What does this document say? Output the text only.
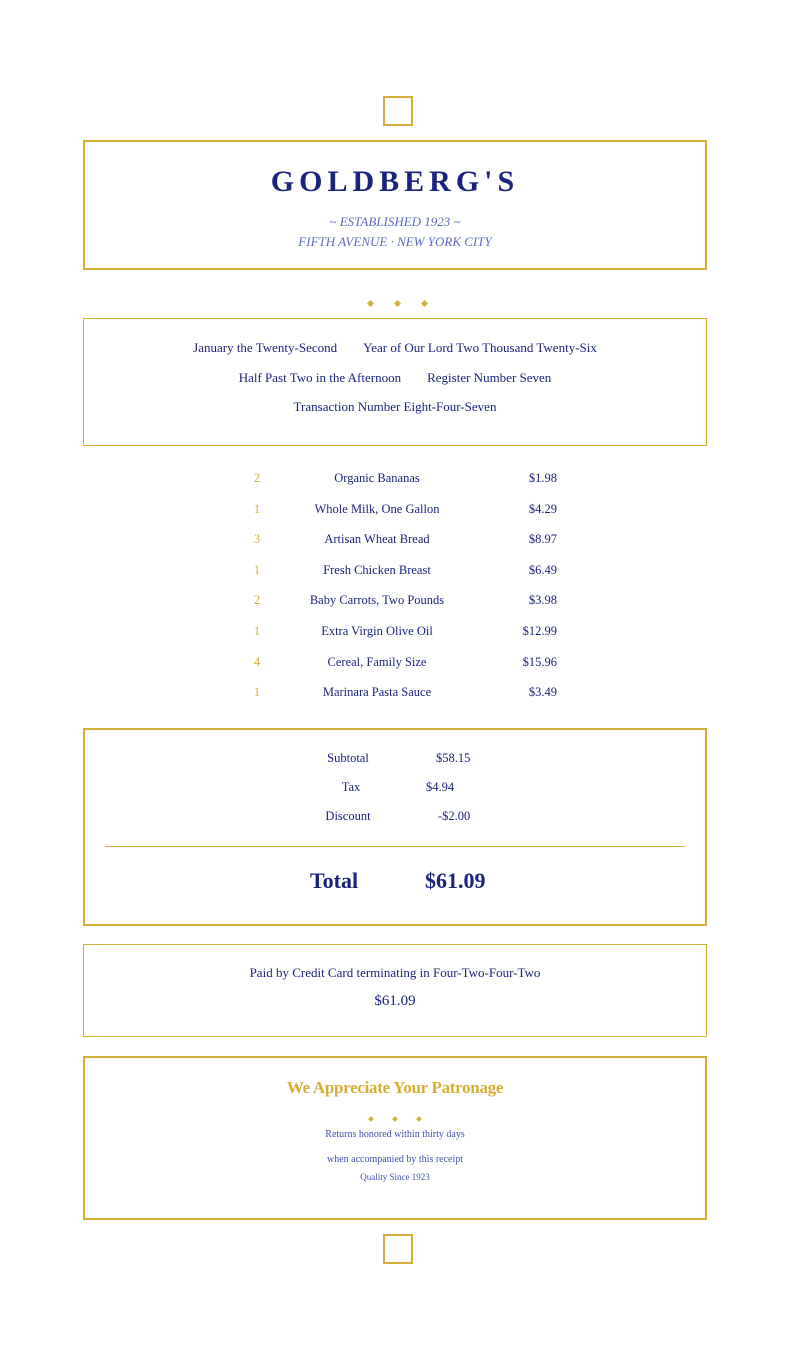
GOLDBERG'S
~ ESTABLISHED 1923 ~
FIFTH AVENUE · NEW YORK CITY
January the Twenty-Second Year of Our Lord Two Thousand Twenty-Six
Half Past Two in the Afternoon Register Number Seven
Transaction Number Eight-Four-Seven
2	Organic Bananas	$1.98
1	Whole Milk, One Gallon	$4.29
3	Artisan Wheat Bread	$8.97
1	Fresh Chicken Breast	$6.49
2	Baby Carrots, Two Pounds	$3.98
1	Extra Virgin Olive Oil	$12.99
4	Cereal, Family Size	$15.96
1	Marinara Pasta Sauce	$3.49
Subtotal	$58.15
Tax	$4.94
Discount	-$2.00
Total	$61.09
Paid by Credit Card terminating in Four-Two-Four-Two
$61.09
We Appreciate Your Patronage
Returns honored within thirty days
when accompanied by this receipt
Quality Since 1923
